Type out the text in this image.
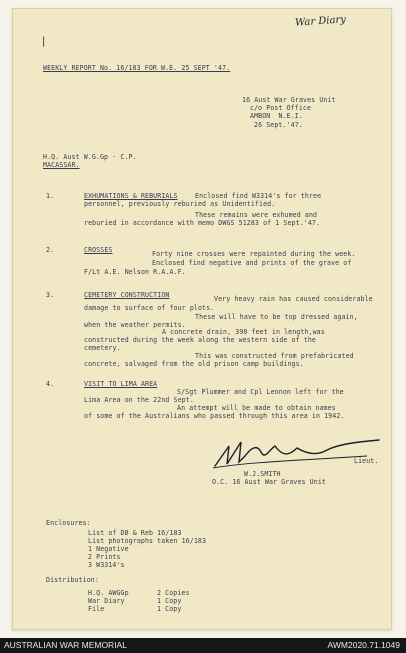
War Diary
|
WEEKLY REPORT No. 16/183 FOR W.E. 25 SEPT '47.
16 Aust War Graves Unit
c/o Post Office
AMBON  N.E.I.
26 Sept.'47.
H.Q. Aust W.G.Gp - C.P.
MACASSAR.
1.	EXHUMATIONS & REBURIALS	Enclosed find W3314's for three
personnel, previously reburied as Unidentified.
These remains were exhumed and
reburied in accordance with memo DWGS 51283 of 1 Sept.'47.
2.	CROSSES	Forty nine crosses were repainted during the week.
Enclosed find negative and prints of the grave of
F/Lt A.E. Nelson R.A.A.F.
3.	CEMETERY CONSTRUCTION	Very heavy rain has caused considerable
damage to surface of four plots.
These will have to be top dressed again,
when the weather permits.
A concrete drain, 390 feet in length,was
constructed during the week along the western side of the
cemetery.
This was constructed from prefabricated
concrete, salvaged from the old prison camp buildings.
4.	VISIT TO LIMA AREA
S/Sgt Plummer and Cpl Lennon left for the
Lima Area on the 22nd Sept.
An attempt will be made to obtain names
of some of the Australians who passed through this area in 1942.
Lieut.
W.J.SMITH
O.C. 16 Aust War Graves Unit
Enclosures:
List of DB & Reb 16/183
List photographs taken 16/183
1 Negative
2 Prints
3 W3314's
Distribution:
H.Q. AWGGp	2 Copies
War Diary	1 Copy
File	1 Copy
AUSTRALIAN WAR MEMORIAL	AWM2020.71.1049
